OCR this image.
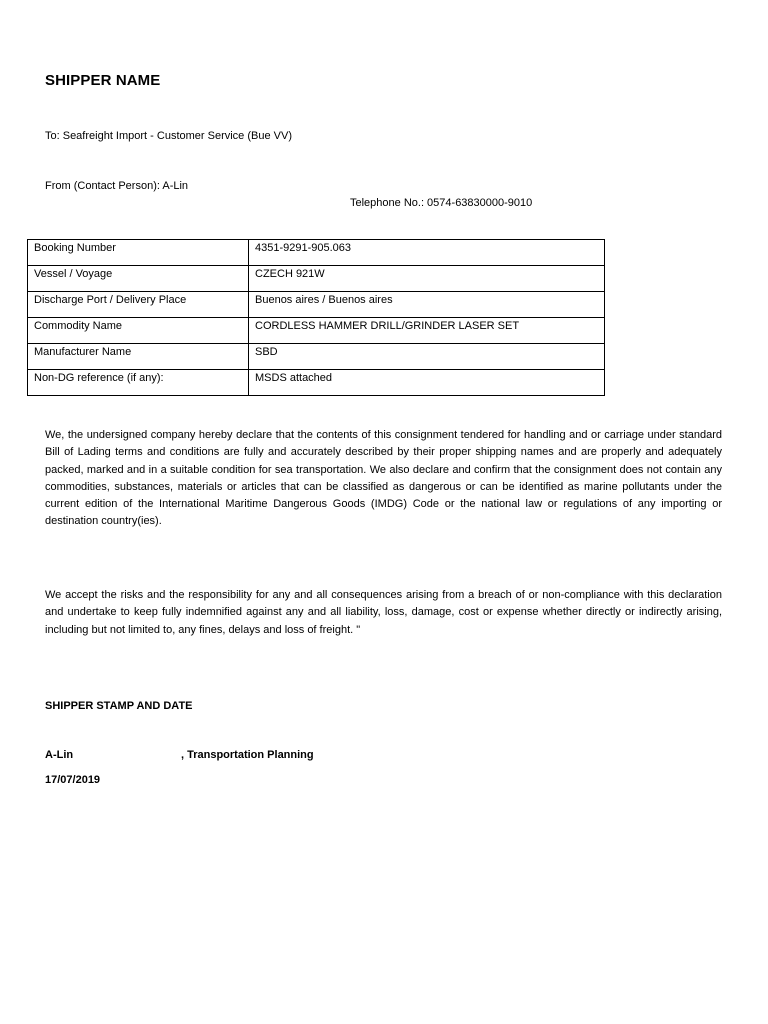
SHIPPER NAME
To: Seafreight Import - Customer Service (Bue VV)
From (Contact Person): A-Lin
Telephone No.: 0574-63830000-9010
Booking Number	4351-9291-905.063
Vessel / Voyage	CZECH 921W
Discharge Port / Delivery Place	Buenos aires / Buenos aires
Commodity Name	CORDLESS HAMMER DRILL/GRINDER LASER SET
Manufacturer Name	SBD
Non-DG reference (if any):	MSDS attached
We, the undersigned company hereby declare that the contents of this consignment tendered for handling and or carriage under standard Bill of Lading terms and conditions are fully and accurately described by their proper shipping names and are properly and adequately packed, marked and in a suitable condition for sea transportation. We also declare and confirm that the consignment does not contain any commodities, substances, materials or articles that can be classified as dangerous or can be identified as marine pollutants under the current edition of the International Maritime Dangerous Goods (IMDG) Code or the national law or regulations of any importing or destination country(ies).
We accept the risks and the responsibility for any and all consequences arising from a breach of or non-compliance with this declaration and undertake to keep fully indemnified against any and all liability, loss, damage, cost or expense whether directly or indirectly arising, including but not limited to, any fines, delays and loss of freight. "
SHIPPER STAMP AND DATE
A-Lin	, Transportation Planning
17/07/2019
